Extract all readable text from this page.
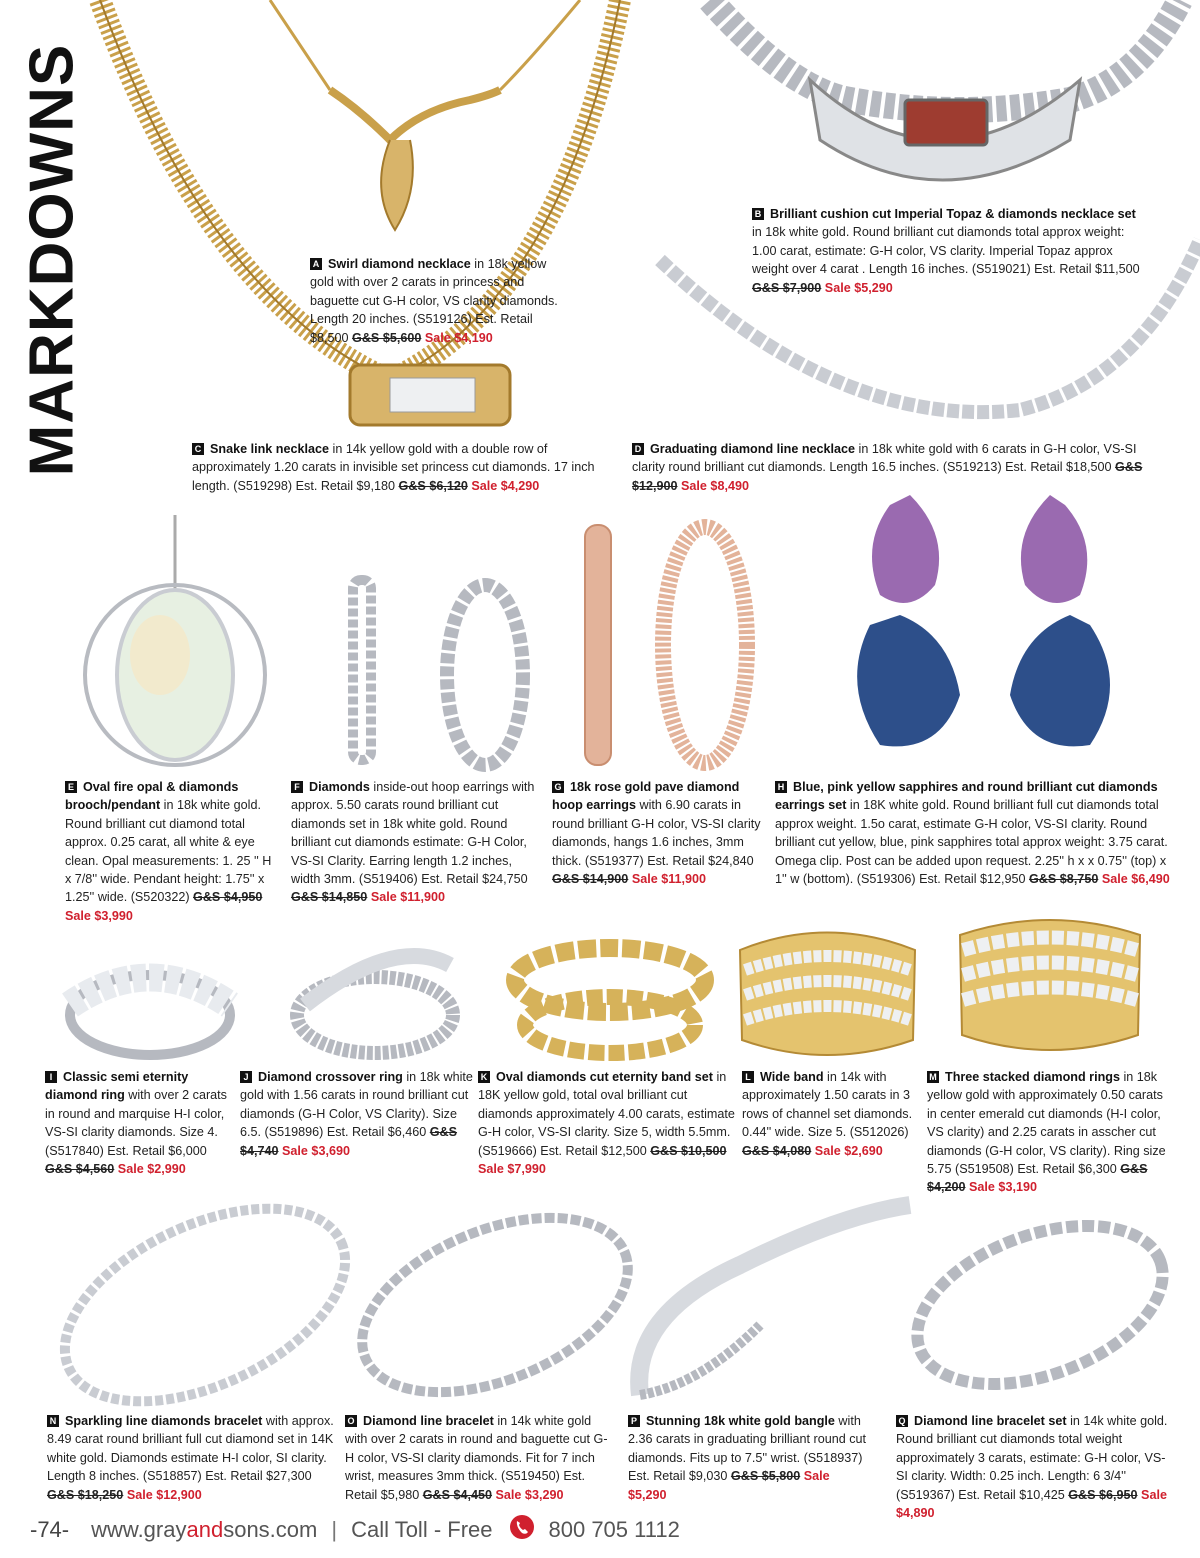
MARKDOWNS	A Swirl diamond necklace in 18k yellow gold with over 2 carats in princess and baguette cut G-H color, VS clarity diamonds. Length 20 inches. (S519126) Est. Retail $8,500 G&S $5,600 Sale $4,190
B Brilliant cushion cut Imperial Topaz & diamonds necklace set in 18k white gold. Round brilliant cut diamonds total approx weight: 1.00 carat, estimate: G-H color, VS clarity. Imperial Topaz approx weight over 4 carat . Length 16 inches. (S519021) Est. Retail $11,500 G&S $7,900 Sale $5,290
C Snake link necklace in 14k yellow gold with a double row of approximately 1.20 carats in invisible set princess cut diamonds. 17 inch length. (S519298) Est. Retail $9,180 G&S $6,120 Sale $4,290
D Graduating diamond line necklace in 18k white gold with 6 carats in G-H color, VS-SI clarity round brilliant cut diamonds. Length 16.5 inches. (S519213) Est. Retail $18,500 G&S $12,900 Sale $8,490
E Oval fire opal & diamonds brooch/pendant in 18k white gold. Round brilliant cut diamond total approx. 0.25 carat, all white & eye clean. Opal measurements: 1. 25 '' H x 7/8'' wide. Pendant height: 1.75'' x 1.25'' wide. (S520322) G&S $4,950 Sale $3,990
F Diamonds inside-out hoop earrings with approx. 5.50 carats round brilliant cut diamonds set in 18k white gold. Round brilliant cut diamonds estimate: G-H Color, VS-SI Clarity. Earring length 1.2 inches, width 3mm. (S519406) Est. Retail $24,750 G&S $14,850 Sale $11,900
G 18k rose gold pave diamond hoop earrings with 6.90 carats in round brilliant G-H color, VS-SI clarity diamonds, hangs 1.6 inches, 3mm thick. (S519377) Est. Retail $24,840 G&S $14,900 Sale $11,900
H Blue, pink yellow sapphires and round brilliant cut diamonds earrings set in 18K white gold. Round brilliant full cut diamonds total approx weight. 1.5o carat, estimate G-H color, VS-SI clarity. Round brilliant cut yellow, blue, pink sapphires total approx weight: 3.75 carat. Omega clip. Post can be added upon request. 2.25'' h x x 0.75'' (top) x 1'' w (bottom). (S519306) Est. Retail $12,950 G&S $8,750 Sale $6,490
I Classic semi eternity diamond ring with over 2 carats in round and marquise H-I color, VS-SI clarity diamonds. Size 4. (S517840) Est. Retail $6,000 G&S $4,560 Sale $2,990
J Diamond crossover ring in 18k white gold with 1.56 carats in round brilliant cut diamonds (G-H Color, VS Clarity). Size 6.5. (S519896) Est. Retail $6,460 G&S $4,740 Sale $3,690
K Oval diamonds cut eternity band set in 18K yellow gold, total oval brilliant cut diamonds approximately 4.00 carats, estimate G-H color, VS-SI clarity. Size 5, width 5.5mm. (S519666) Est. Retail $12,500 G&S $10,500 Sale $7,990
L Wide band in 14k with approximately 1.50 carats in 3 rows of channel set diamonds. 0.44'' wide. Size 5. (S512026) G&S $4,080 Sale $2,690
M Three stacked diamond rings in 18k yellow gold with approximately 0.50 carats in center emerald cut diamonds (H-I color, VS clarity) and 2.25 carats in asscher cut diamonds (G-H color, VS clarity). Ring size 5.75 (S519508) Est. Retail $6,300 G&S $4,200 Sale $3,190
N Sparkling line diamonds bracelet with approx. 8.49 carat round brilliant full cut diamond set in 14K white gold. Diamonds estimate H-I color, SI clarity. Length 8 inches. (S518857) Est. Retail $27,300 G&S $18,250 Sale $12,900
O Diamond line bracelet in 14k white gold with over 2 carats in round and baguette cut G-H color, VS-SI clarity diamonds. Fit for 7 inch wrist, measures 3mm thick. (S519450) Est. Retail $5,980 G&S $4,450 Sale $3,290
P Stunning 18k white gold bangle with 2.36 carats in graduating brilliant round cut diamonds. Fits up to 7.5'' wrist. (S518937) Est. Retail $9,030 G&S $5,800 Sale $5,290
Q Diamond line bracelet set in 14k white gold. Round brilliant cut diamonds total weight approximately 3 carats, estimate: G-H color, VS-SI clarity. Width: 0.25 inch. Length: 6 3/4'' (S519367) Est. Retail $10,425 G&S $6,950 Sale $4,890
-74- www.grayandsons.com | Call Toll - Free	800 705 1112
